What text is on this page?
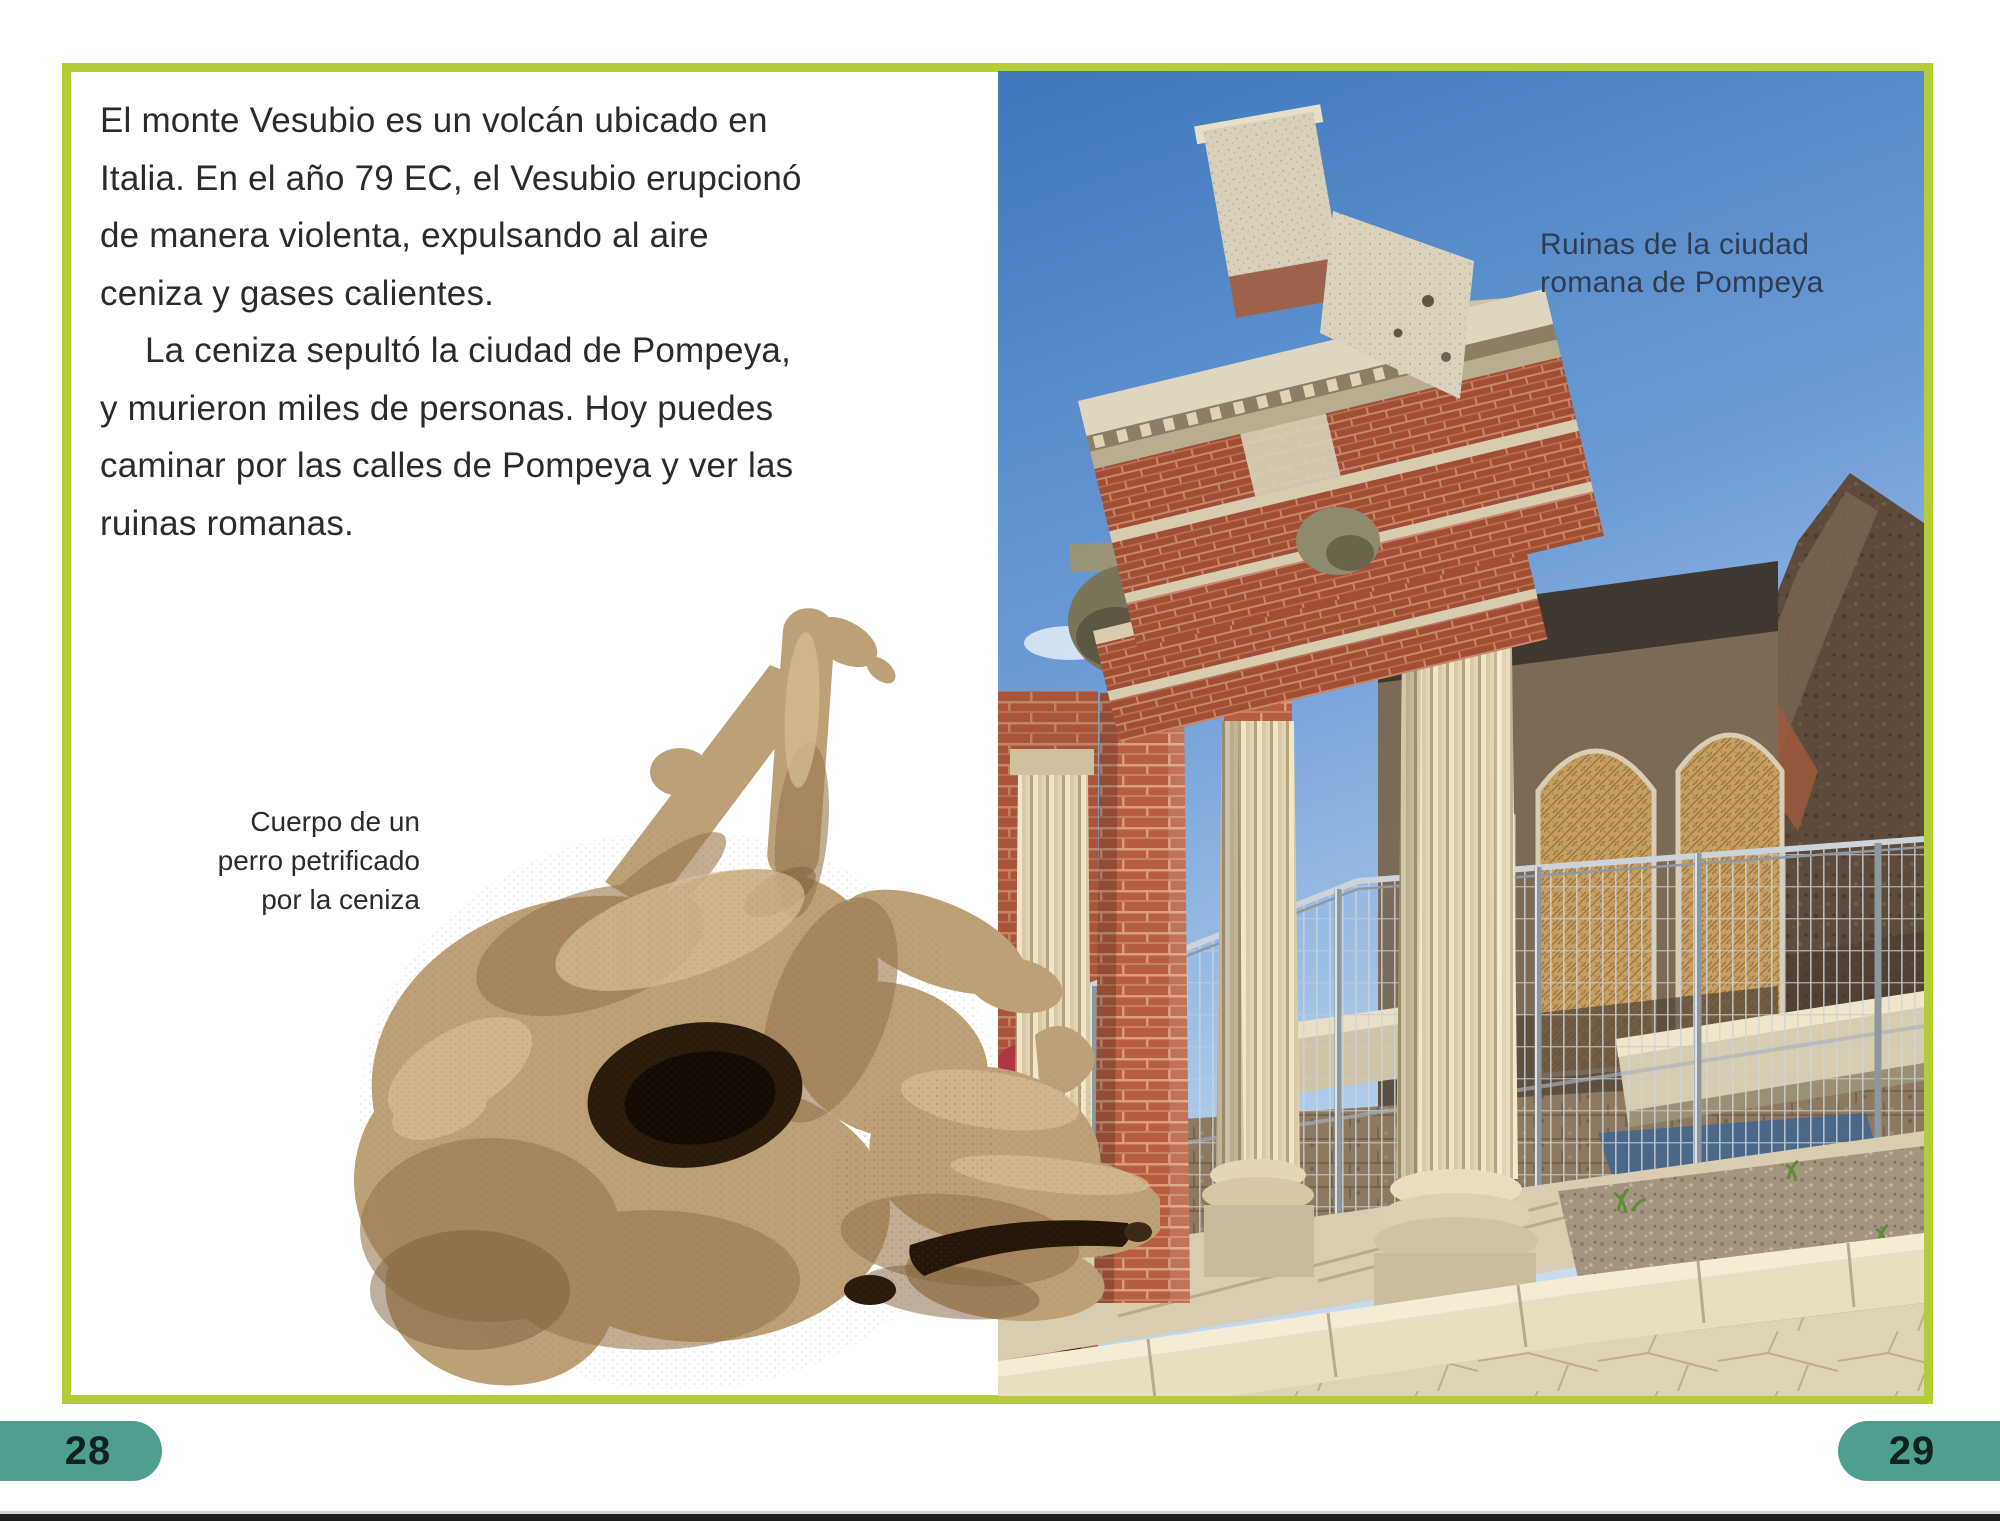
El monte Vesubio es un volcán ubicado en
Italia. En el año 79 EC, el Vesubio erupcionó
de manera violenta, expulsando al aire
ceniza y gases calientes.
La ceniza sepultó la ciudad de Pompeya,
y murieron miles de personas. Hoy puedes
caminar por las calles de Pompeya y ver las
ruinas romanas.
Cuerpo de un
perro petrificado
por la ceniza
Ruinas de la ciudad
romana de Pompeya
28	29
